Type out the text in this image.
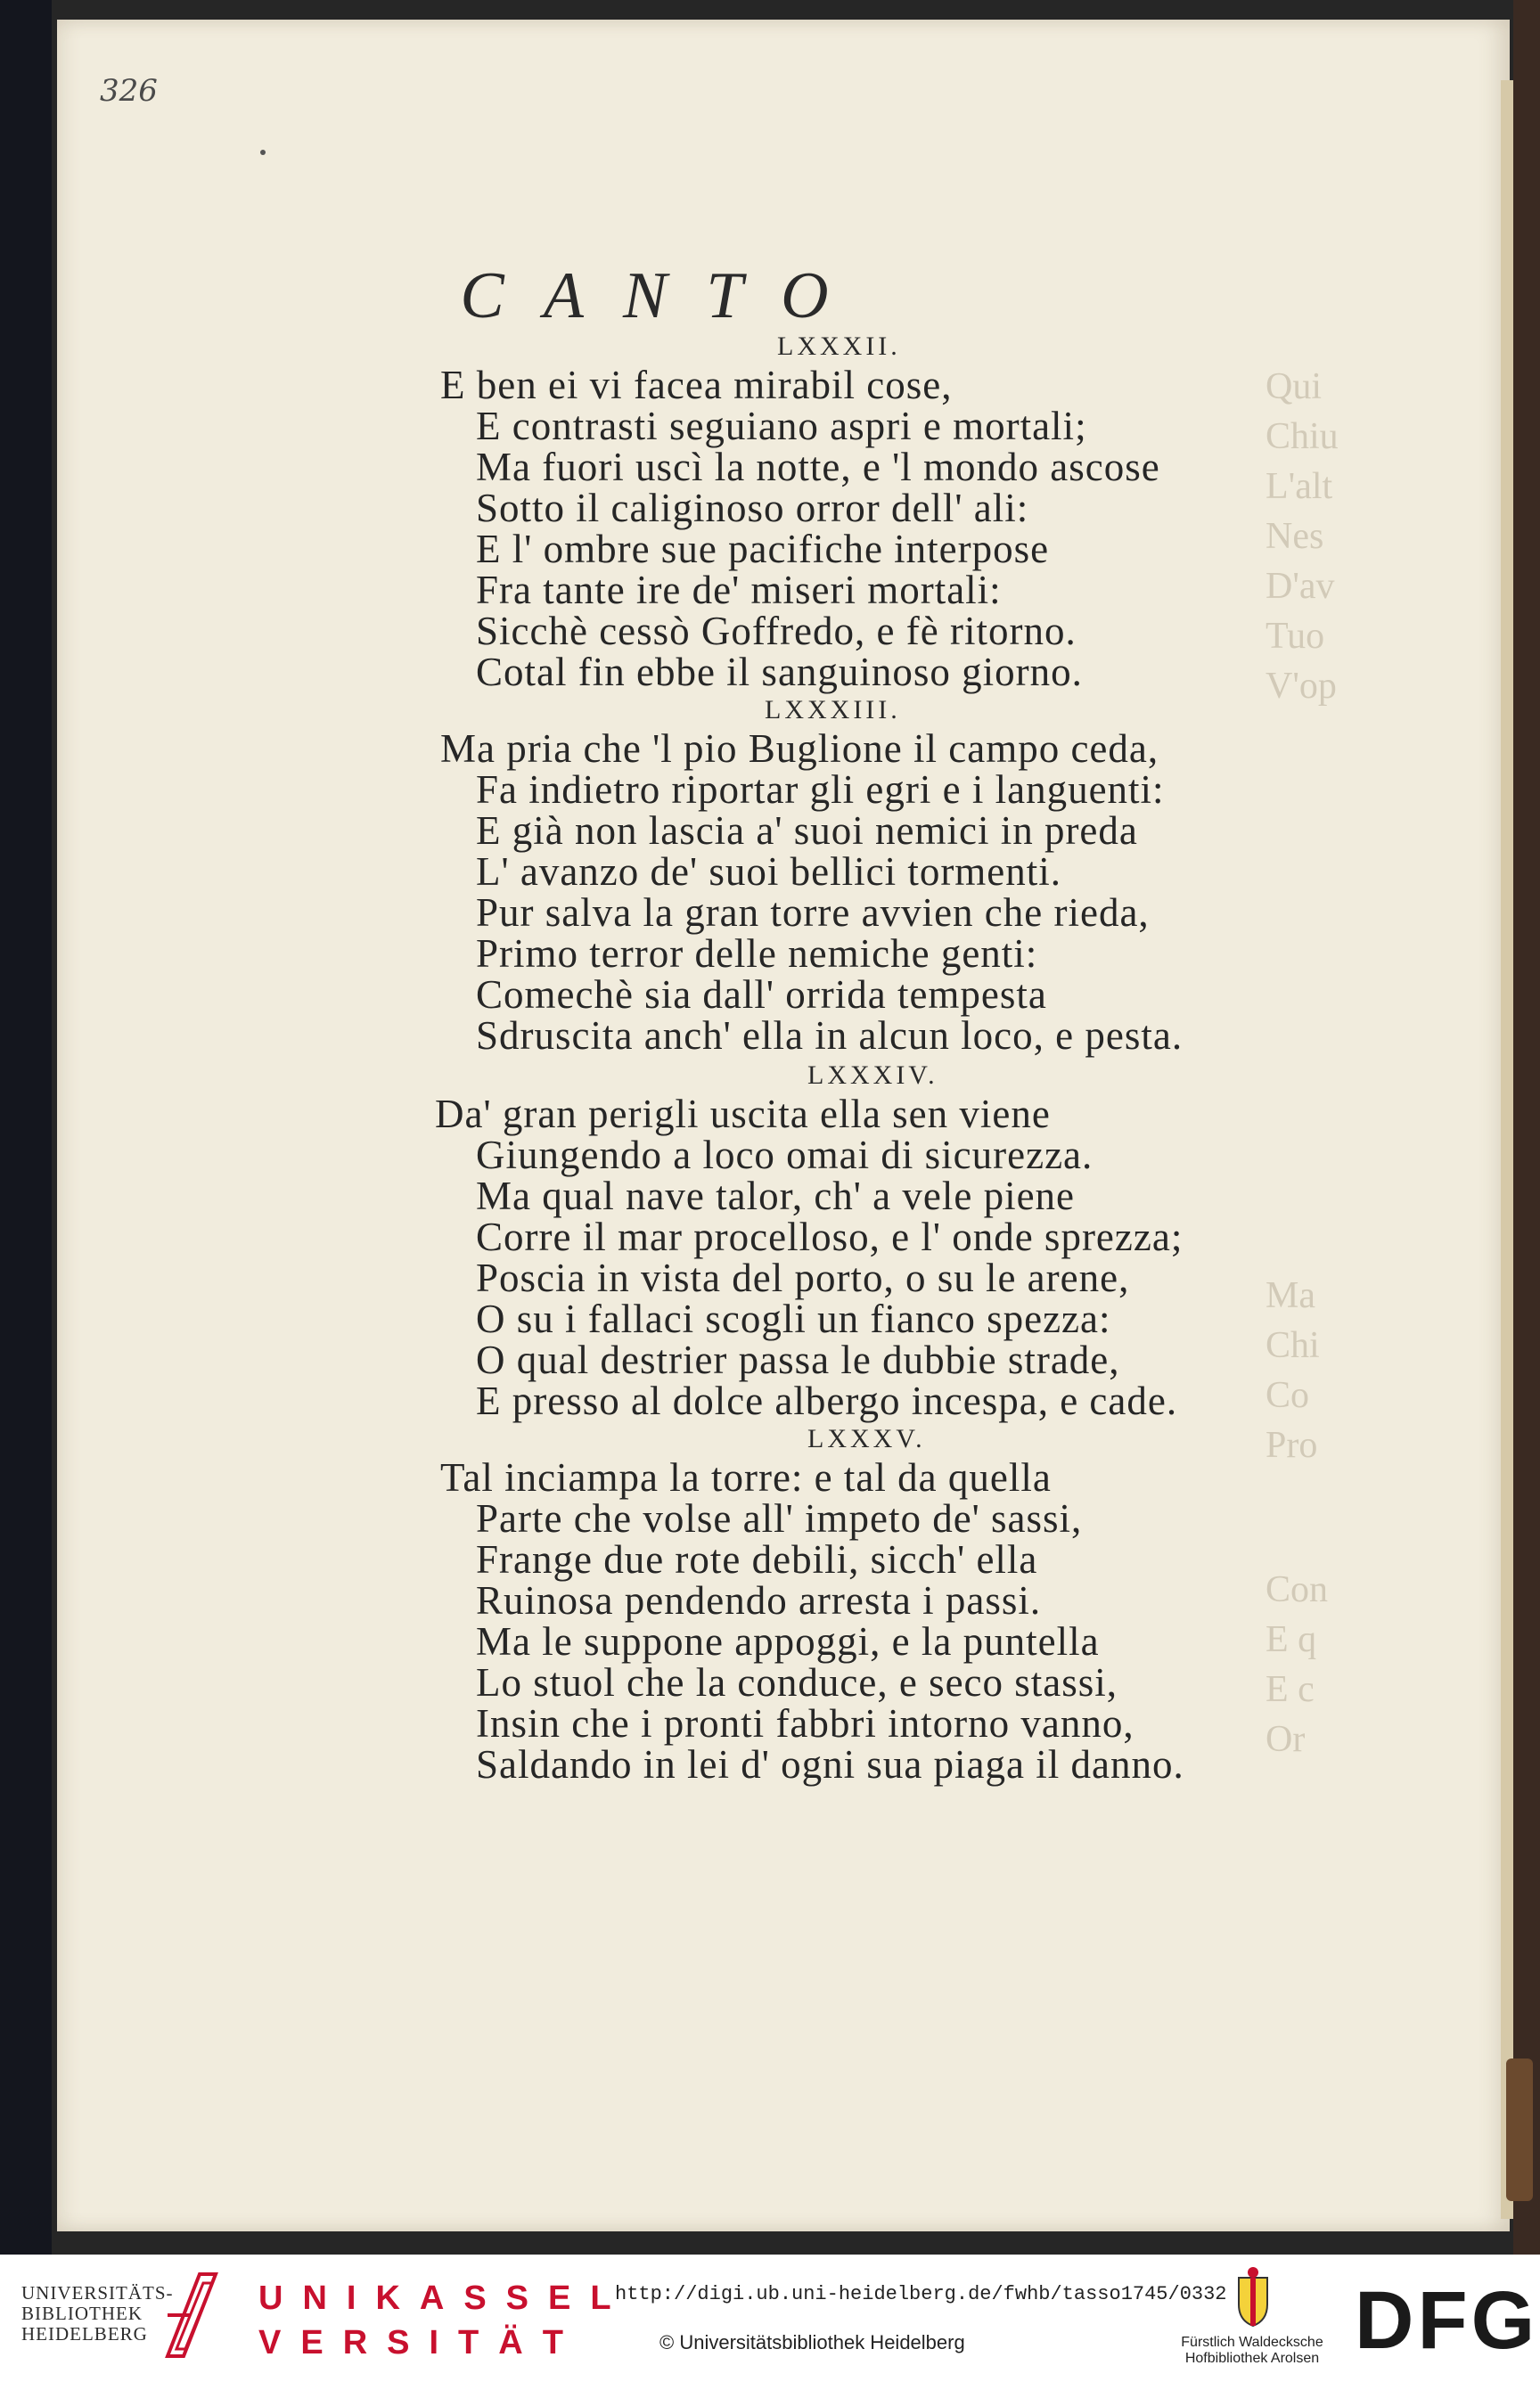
Qui
Chiu
L'alt
Nes
D'av
Tuo
V'op
Ma
Chi
Co
Pro
Con
E q
E c
Or
326
CANTO
LXXXII.
E ben ei vi facea mirabil cose,
E contrasti seguiano aspri e mortali;
Ma fuori uscì la notte, e 'l mondo ascose
Sotto il caliginoso orror dell' ali:
E l' ombre sue pacifiche interpose
Fra tante ire de' miseri mortali:
Sicchè cessò Goffredo, e fè ritorno.
Cotal fin ebbe il sanguinoso giorno.
LXXXIII.
Ma pria che 'l pio Buglione il campo ceda,
Fa indietro riportar gli egri e i languenti:
E già non lascia a' suoi nemici in preda
L' avanzo de' suoi bellici tormenti.
Pur salva la gran torre avvien che rieda,
Primo terror delle nemiche genti:
Comechè sia dall' orrida tempesta
Sdruscita anch' ella in alcun loco, e pesta.
LXXXIV.
Da' gran perigli uscita ella sen viene
Giungendo a loco omai di sicurezza.
Ma qual nave talor, ch' a vele piene
Corre il mar procelloso, e l' onde sprezza;
Poscia in vista del porto, o su le arene,
O su i fallaci scogli un fianco spezza:
O qual destrier passa le dubbie strade,
E presso al dolce albergo incespa, e cade.
LXXXV.
Tal inciampa la torre: e tal da quella
Parte che volse all' impeto de' sassi,
Frange due rote debili, sicch' ella
Ruinosa pendendo arresta i passi.
Ma le suppone appoggi, e la puntella
Lo stuol che la conduce, e seco stassi,
Insin che i pronti fabbri intorno vanno,
Saldando in lei d' ogni sua piaga il danno.
UNIVERSITÄTS-
BIBLIOTHEK
HEIDELBERG
UNIKASSEL
VERSITÄT
http://digi.ub.uni-heidelberg.de/fwhb/tasso1745/0332
© Universitätsbibliothek Heidelberg	Fürstlich Waldecksche
Hofbibliothek Arolsen DFG
